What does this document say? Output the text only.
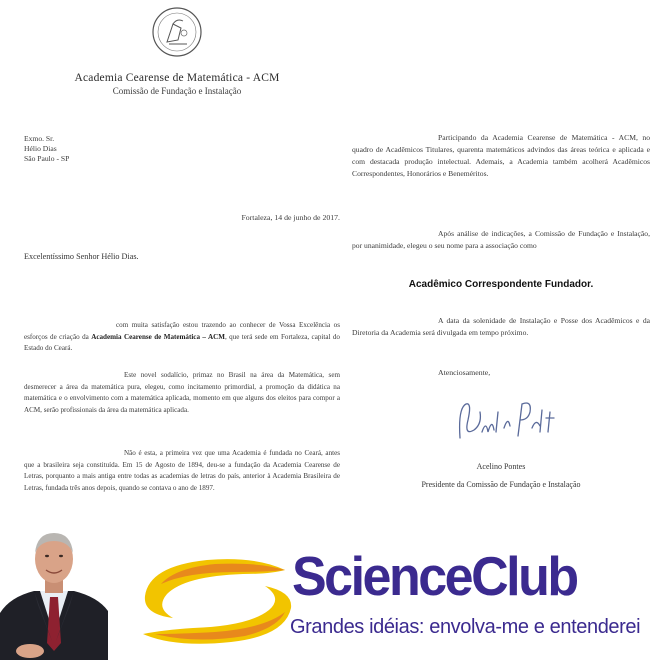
Academia Cearense de Matemática - ACM
Comissão de Fundação e Instalação
Exmo. Sr.
Hélio Dias
São Paulo - SP
Fortaleza, 14 de junho de 2017.
Excelentíssimo Senhor Hélio Dias.
com muita satisfação estou trazendo ao conhecer de Vossa Excelência os esforços de criação da Academia Cearense de Matemática – ACM, que terá sede em Fortaleza, capital do Estado do Ceará.
Este novel sodalício, primaz no Brasil na área da Matemática, sem desmerecer a área da matemática pura, elegeu, como incitamento primordial, a promoção da didática na matemática e o envolvimento com a matemática aplicada, momento em que alguns dos eleitos para compor a ACM, serão profissionais da área da matemática aplicada.
Não é esta, a primeira vez que uma Academia é fundada no Ceará, antes que a brasileira seja constituída. Em 15 de Agosto de 1894, deu-se a fundação da Academia Cearense de Letras, porquanto a mais antiga entre todas as academias de letras do país, anterior à Academia Brasileira de Letras, fundada três anos depois, quando se contava o ano de 1897.
Participando da Academia Cearense de Matemática - ACM, no quadro de Acadêmicos Titulares, quarenta matemáticos advindos das áreas teórica e aplicada e com destacada produção intelectual. Ademais, a Academia também acolherá Acadêmicos Correspondentes, Honorários e Beneméritos.
Após análise de indicações, a Comissão de Fundação e Instalação, por unanimidade, elegeu o seu nome para a associação como
Acadêmico Correspondente Fundador.
A data da solenidade de Instalação e Posse dos Acadêmicos e da Diretoria da Academia será divulgada em tempo próximo.
Atenciosamente,
Acelino Pontes
Presidente da Comissão de Fundação e Instalação
ScienceClub
Grandes idéias: envolva-me e entenderei
